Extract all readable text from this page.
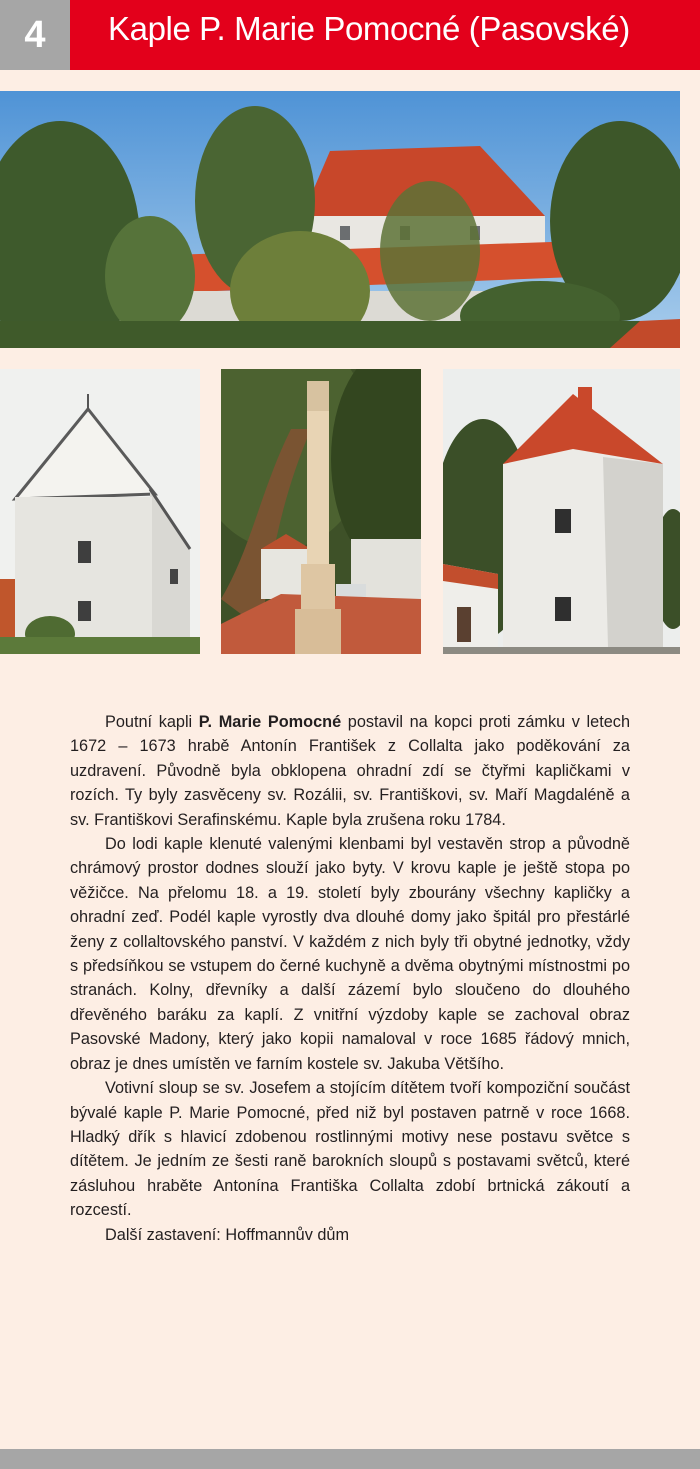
4	Kaple P. Marie Pomocné (Pasovské)

Poutní kapli P. Marie Pomocné postavil na kopci proti zámku v letech 1672 – 1673 hrabě Antonín František z Collalta jako poděkování za uzdravení. Původně byla obklopena ohradní zdí se čtyřmi kapličkami v rozích. Ty byly zasvěceny sv. Rozálii, sv. Františkovi, sv. Maří Magdaléně a sv. Františkovi Serafinskému. Kaple byla zrušena roku 1784.

Do lodi kaple klenuté valenými klenbami byl vestavěn strop a původně chrámový prostor dodnes slouží jako byty. V krovu kaple je ještě stopa po věžičce. Na přelomu 18. a 19. století byly zbourány všechny kapličky a ohradní zeď. Podél kaple vyrostly dva dlouhé domy jako špitál pro přestárlé ženy z collaltovského panství. V každém z nich byly tři obytné jednotky, vždy s předsíňkou se vstupem do černé kuchyně a dvěma obytnými místnostmi po stranách. Kolny, dřevníky a další zázemí bylo sloučeno do dlouhého dřevěného baráku za kaplí. Z vnitřní výzdoby kaple se zachoval obraz Pasovské Madony, který jako kopii namaloval v roce 1685 řádový mnich, obraz je dnes umístěn ve farním kostele sv. Jakuba Většího.

Votivní sloup se sv. Josefem a stojícím dítětem tvoří kompoziční součást bývalé kaple P. Marie Pomocné, před niž byl postaven patrně v roce 1668. Hladký dřík s hlavicí zdobenou rostlinnými motivy nese postavu světce s dítětem. Je jedním ze šesti raně barokních sloupů s postavami světců, které zásluhou hraběte Antonína Františka Collalta zdobí brtnická zákoutí a rozcestí.

Další zastavení: Hoffmannův dům
